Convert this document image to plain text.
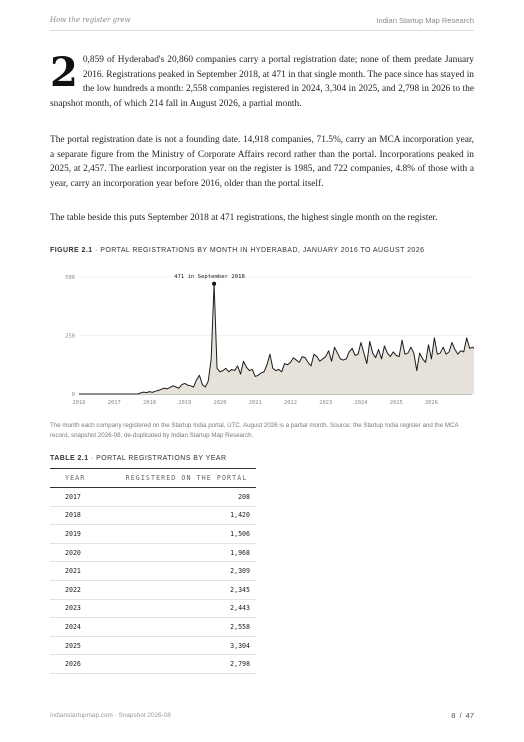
How the register grew	Indian Startup Map Research
2 0,859 of Hyderabad's 20,860 companies carry a portal registration date; none of them predate January 2016. Registrations peaked in September 2018, at 471 in that single month. The pace since has stayed in the low hundreds a month: 2,558 companies registered in 2024, 3,304 in 2025, and 2,798 in 2026 to the snapshot month, of which 214 fall in August 2026, a partial month.
The portal registration date is not a founding date. 14,918 companies, 71.5%, carry an MCA incorporation year, a separate figure from the Ministry of Corporate Affairs record rather than the portal. Incorporations peaked in 2025, at 2,457. The earliest incorporation year on the register is 1985, and 722 companies, 4.8% of those with a year, carry an incorporation year before 2016, older than the portal itself.
The table beside this puts September 2018 at 471 registrations, the highest single month on the register.
FIGURE 2.1 · PORTAL REGISTRATIONS BY MONTH IN HYDERABAD, JANUARY 2016 TO AUGUST 2026
0
250
500
2016	2017	2018	2019	2020	2021	2022	2023	2024	2025	2026
471 in September 2018
The month each company registered on the Startup India portal, UTC. August 2026 is a partial month. Source: the Startup India register and the MCA record, snapshot 2026-08, de-duplicated by Indian Startup Map Research.
TABLE 2.1 · PORTAL REGISTRATIONS BY YEAR
YEAR	REGISTERED ON THE PORTAL
2017	208
2018	1,420
2019	1,506
2020	1,968
2021	2,309
2022	2,345
2023	2,443
2024	2,558
2025	3,304
2026	2,798
indianstartupmap.com · Snapshot 2026-08	8 / 47
